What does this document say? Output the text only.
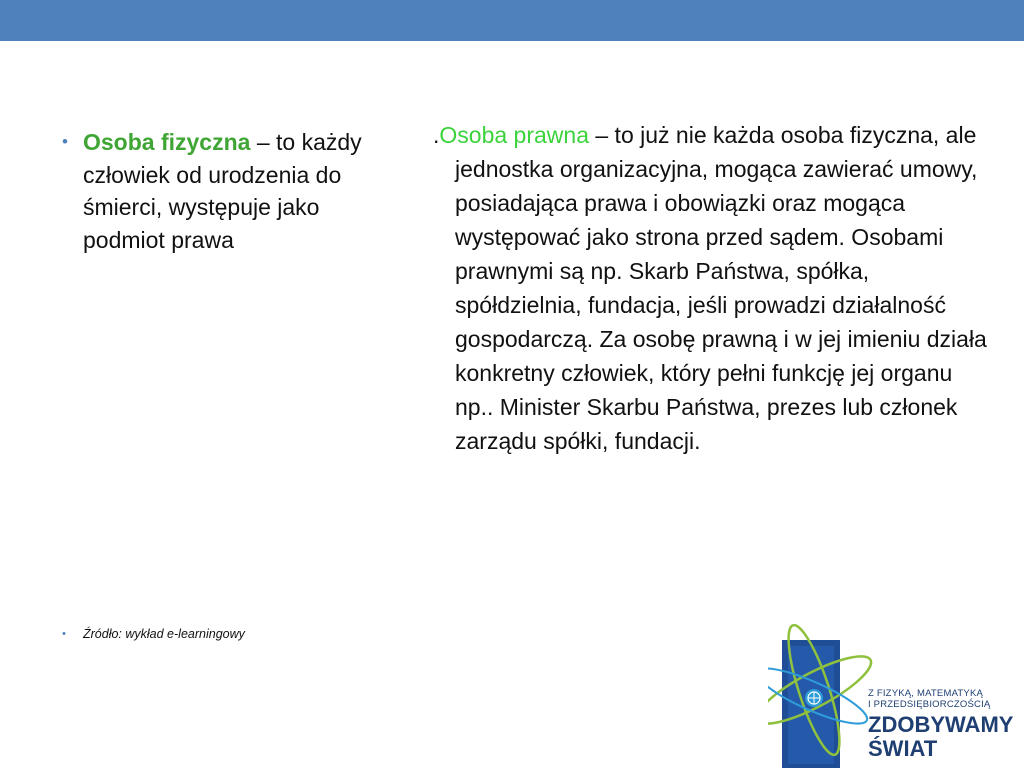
• Osoba fizyczna – to każdy człowiek od urodzenia do śmierci, występuje jako podmiot prawa
• Źródło: wykład e-learningowy
.Osoba prawna – to już nie każda osoba fizyczna, ale jednostka organizacyjna, mogąca zawierać umowy, posiadająca prawa i obowiązki oraz mogąca występować jako strona przed sądem. Osobami prawnymi są np. Skarb Państwa, spółka, spółdzielnia, fundacja, jeśli prowadzi działalność gospodarczą. Za osobę prawną i w jej imieniu działa konkretny człowiek, który pełni funkcję jej organu np.. Minister Skarbu Państwa, prezes lub członek zarządu spółki, fundacji.
Z FIZYKĄ, MATEMATYKĄ
I PRZEDSIĘBIORCZOŚCIĄ
ZDOBYWAMY
ŚWIAT
